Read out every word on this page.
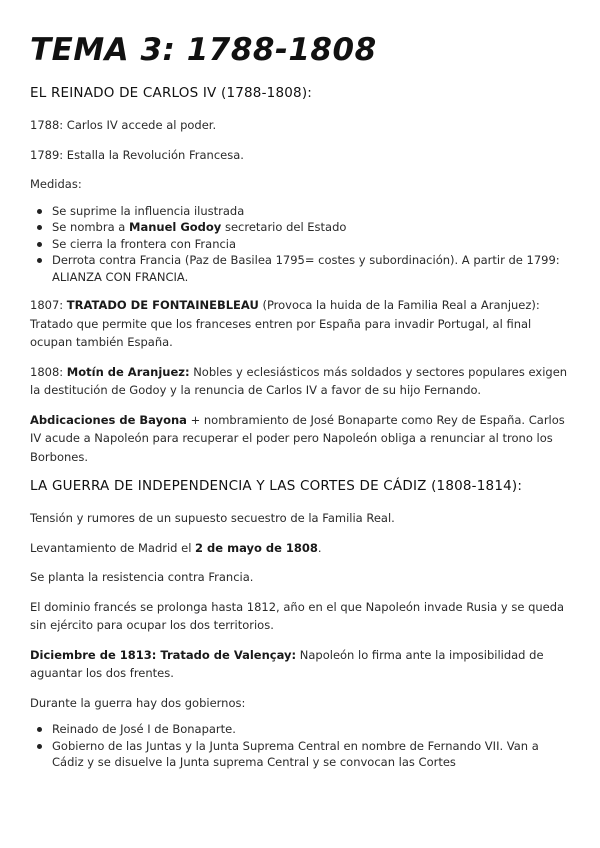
TEMA 3: 1788-1808
EL REINADO DE CARLOS IV (1788-1808):

1788: Carlos IV accede al poder.

1789: Estalla la Revolución Francesa.

Medidas:

Se suprime la influencia ilustrada
Se nombra a Manuel Godoy secretario del Estado
Se cierra la frontera con Francia
Derrota contra Francia (Paz de Basilea 1795= costes y subordinación). A partir de 1799: ALIANZA CON FRANCIA.

1807: TRATADO DE FONTAINEBLEAU (Provoca la huida de la Familia Real a Aranjuez): Tratado que permite que los franceses entren por España para invadir Portugal, al final ocupan también España.

1808: Motín de Aranjuez: Nobles y eclesiásticos más soldados y sectores populares exigen la destitución de Godoy y la renuncia de Carlos IV a favor de su hijo Fernando.

Abdicaciones de Bayona + nombramiento de José Bonaparte como Rey de España. Carlos IV acude a Napoleón para recuperar el poder pero Napoleón obliga a renunciar al trono los Borbones.

LA GUERRA DE INDEPENDENCIA Y LAS CORTES DE CÁDIZ (1808-1814):

Tensión y rumores de un supuesto secuestro de la Familia Real.

Levantamiento de Madrid el 2 de mayo de 1808.

Se planta la resistencia contra Francia.

El dominio francés se prolonga hasta 1812, año en el que Napoleón invade Rusia y se queda sin ejército para ocupar los dos territorios.

Diciembre de 1813: Tratado de Valençay: Napoleón lo firma ante la imposibilidad de aguantar los dos frentes.

Durante la guerra hay dos gobiernos:

Reinado de José I de Bonaparte.
Gobierno de las Juntas y la Junta Suprema Central en nombre de Fernando VII. Van a Cádiz y se disuelve la Junta suprema Central y se convocan las Cortes
